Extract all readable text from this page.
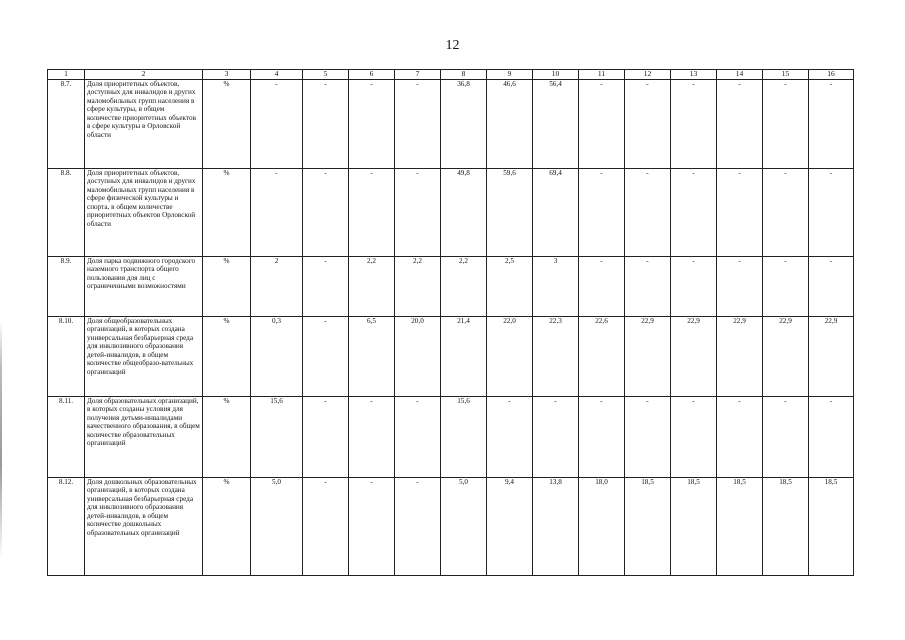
12
1	2	3	4	5	6	7	8	9	10	11	12	13	14	15	16
8.7.	Доля приоритетных объектов, доступных для инвалидов и других маломобильных групп населения в сфере культуры, в общем количестве приоритетных объектов в сфере культуры в Орловской области	%	-	-	-	-	36,8	46,6	56,4	-	-	-	-	-	-
8.8.	Доля приоритетных объектов, доступных для инвалидов и других маломобильных групп населения в сфере физической культуры и спорта, в общем количестве приоритетных объектов Орловской области	%	-	-	-	-	49,8	59,6	69,4	-	-	-	-	-	-
8.9.	Доля парка подвижного городского наземного транспорта общего пользования для лиц с ограниченными возможностями	%	2	-	2,2	2,2	2,2	2,5	3	-	-	-	-	-	-
8.10.	Доля общеобразовательных организаций, в которых создана универсальная безбарьерная среда для инклюзивного образования детей-инвалидов, в общем количестве общеобразо-вательных организаций	%	0,3	-	6,5	20,0	21,4	22,0	22,3	22,6	22,9	22,9	22,9	22,9	22,9
8.11.	Доля образовательных организаций, в которых созданы условия для получения детьми-инвалидами качественного образования, в общем количестве образовательных организаций	%	15,6	-	-	-	15,6	-	-	-	-	-	-	-	-
8.12.	Доля дошкольных образовательных организаций, в которых создана универсальная безбарьерная среда для инклюзивного образования детей-инвалидов, в общем количестве дошкольных образовательных организаций	%	5,0	-	-	-	5,0	9,4	13,8	18,0	18,5	18,5	18,5	18,5	18,5
